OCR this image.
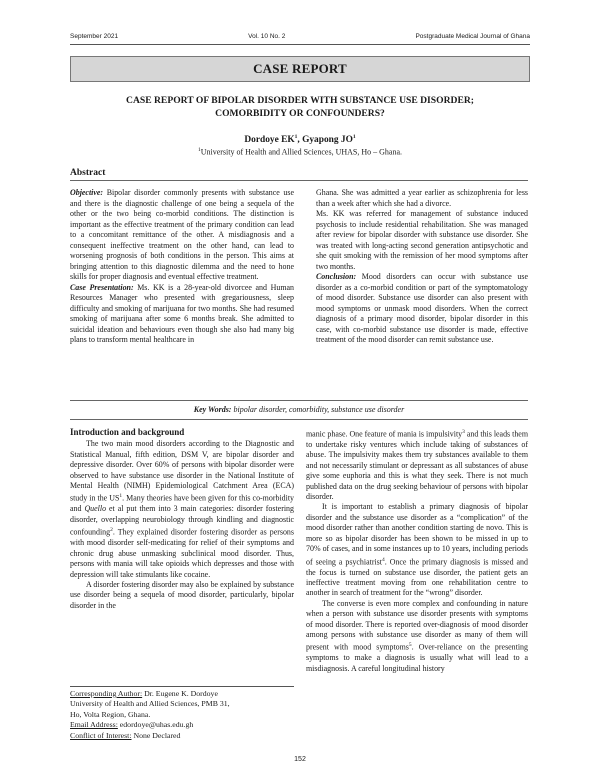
September 2021	Vol. 10 No. 2	Postgraduate Medical Journal of Ghana
CASE REPORT
CASE REPORT OF BIPOLAR DISORDER WITH SUBSTANCE USE DISORDER;
COMORBIDITY OR CONFOUNDERS?
Dordoye $EK^1$, Gyapong $JO^1$
$^1$University of Health and Allied Sciences, UHAS, Ho – Ghana.
Abstract

Objective: Bipolar disorder commonly presents with substance use and there is the diagnostic challenge of one being a sequela of the other or the two being co-morbid conditions. The distinction is important as the effective treatment of the primary condition can lead to a concomitant remittance of the other. A misdiagnosis and a consequent ineffective treatment on the other hand, can lead to worsening prognosis of both conditions in the person. This aims at bringing attention to this diagnostic dilemma and the need to hone skills for proper diagnosis and eventual effective treatment.

Case Presentation: Ms. KK is a 28-year-old divorcee and Human Resources Manager who presented with gregariousness, sleep difficulty and smoking of marijuana for two months. She had resumed smoking of marijuana after some 6 months break. She admitted to suicidal ideation and behaviours even though she also had many big plans to transform mental healthcare in

Ghana. She was admitted a year earlier as schizophrenia for less than a week after which she had a divorce.

Ms. KK was referred for management of substance induced psychosis to include residential rehabilitation. She was managed after review for bipolar disorder with substance use disorder. She was treated with long-acting second generation antipsychotic and she quit smoking with the remission of her mood symptoms after two months.

Conclusion: Mood disorders can occur with substance use disorder as a co-morbid condition or part of the symptomatology of mood disorder. Substance use disorder can also present with mood symptoms or unmask mood disorders. When the correct diagnosis of a primary mood disorder, bipolar disorder in this case, with co-morbid substance use disorder is made, effective treatment of the mood disorder can remit substance use.

Key Words: bipolar disorder, comorbidity, substance use disorder
Introduction and background

The two main mood disorders according to the Diagnostic and Statistical Manual, fifth edition, DSM V, are bipolar disorder and depressive disorder. Over 60% of persons with bipolar disorder were observed to have substance use disorder in the National Institute of Mental Health (NIMH) Epidemiological Catchment Area (ECA) study in the $US^1$. Many theories have been given for this co-morbidity and Quello et al put them into 3 main categories: disorder fostering disorder, overlapping neurobiology through kindling and diagnostic confounding$^2$. They explained disorder fostering disorder as persons with mood disorder self-medicating for relief of their symptoms and chronic drug abuse unmasking subclinical mood disorder. Thus, persons with mania will take opioids which depresses and those with depression will take stimulants like cocaine.

A disorder fostering disorder may also be explained by substance use disorder being a sequela of mood disorder, particularly, bipolar disorder in the

Corresponding Author: Dr. Eugene K. Dordoye
University of Health and Allied Sciences, PMB 31,
Ho, Volta Region, Ghana.
Email Address: edordoye@uhas.edu.gh
Conflict of Interest: None Declared

manic phase. One feature of mania is impulsivity$^3$ and this leads them to undertake risky ventures which include taking of substances of abuse. The impulsivity makes them try substances available to them and not necessarily stimulant or depressant as all substances of abuse give some euphoria and this is what they seek. There is not much published data on the drug seeking behaviour of persons with bipolar disorder.

It is important to establish a primary diagnosis of bipolar disorder and the substance use disorder as a “complication” of the mood disorder rather than another condition starting de novo. This is more so as bipolar disorder has been shown to be missed in up to 70% of cases, and in some instances up to 10 years, including periods of seeing a psychiatrist$^4$. Once the primary diagnosis is missed and the focus is turned on substance use disorder, the patient gets an ineffective treatment moving from one rehabilitation centre to another in search of treatment for the “wrong” disorder.

The converse is even more complex and confounding in nature when a person with substance use disorder presents with symptoms of mood disorder. There is reported over-diagnosis of mood disorder among persons with substance use disorder as many of them will present with mood symptoms$^5$. Over-reliance on the presenting symptoms to make a diagnosis is usually what will lead to a misdiagnosis. A careful longitudinal history

152
